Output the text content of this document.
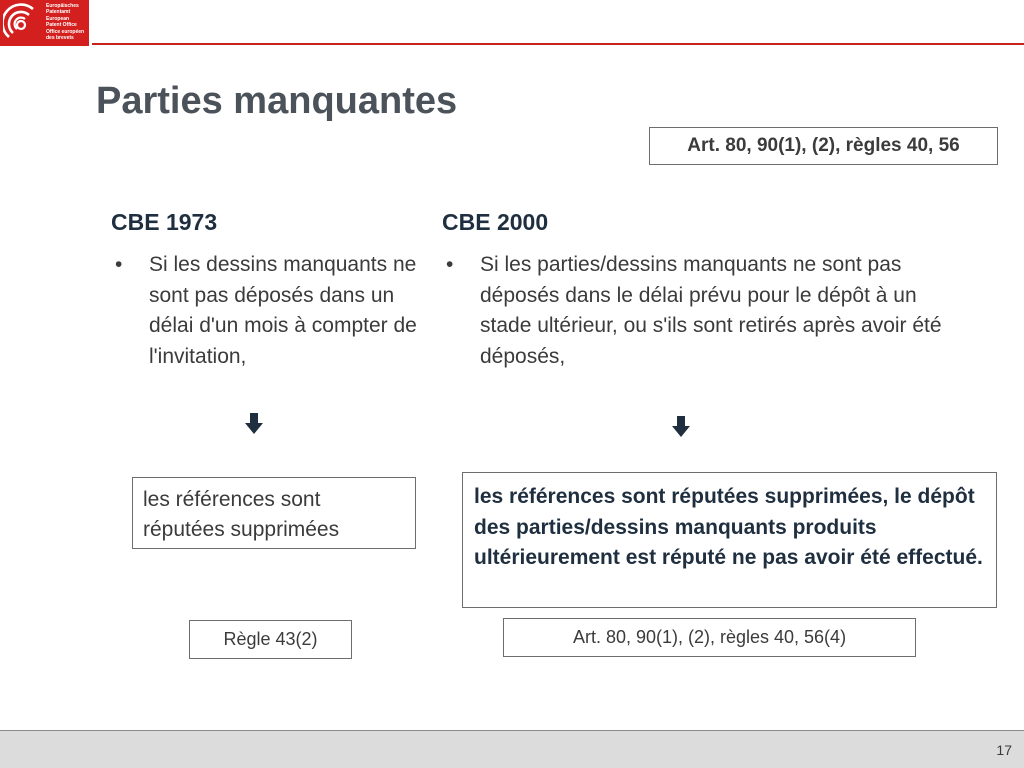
Europäisches
Patentamt
European
Patent Office
Office européen
des brevets
Parties manquantes
Art. 80, 90(1), (2), règles 40, 56
CBE 1973
• Si les dessins manquants ne sont pas déposés dans un délai d'un mois à compter de l'invitation,
les références sont réputées supprimées
Règle 43(2)
CBE 2000
• Si les parties/dessins manquants ne sont pas déposés dans le délai prévu pour le dépôt à un stade ultérieur, ou s'ils sont retirés après avoir été déposés,
les références sont réputées supprimées, le dépôt des parties/dessins manquants produits ultérieurement est réputé ne pas avoir été effectué.
Art. 80, 90(1), (2), règles 40, 56(4)
17
